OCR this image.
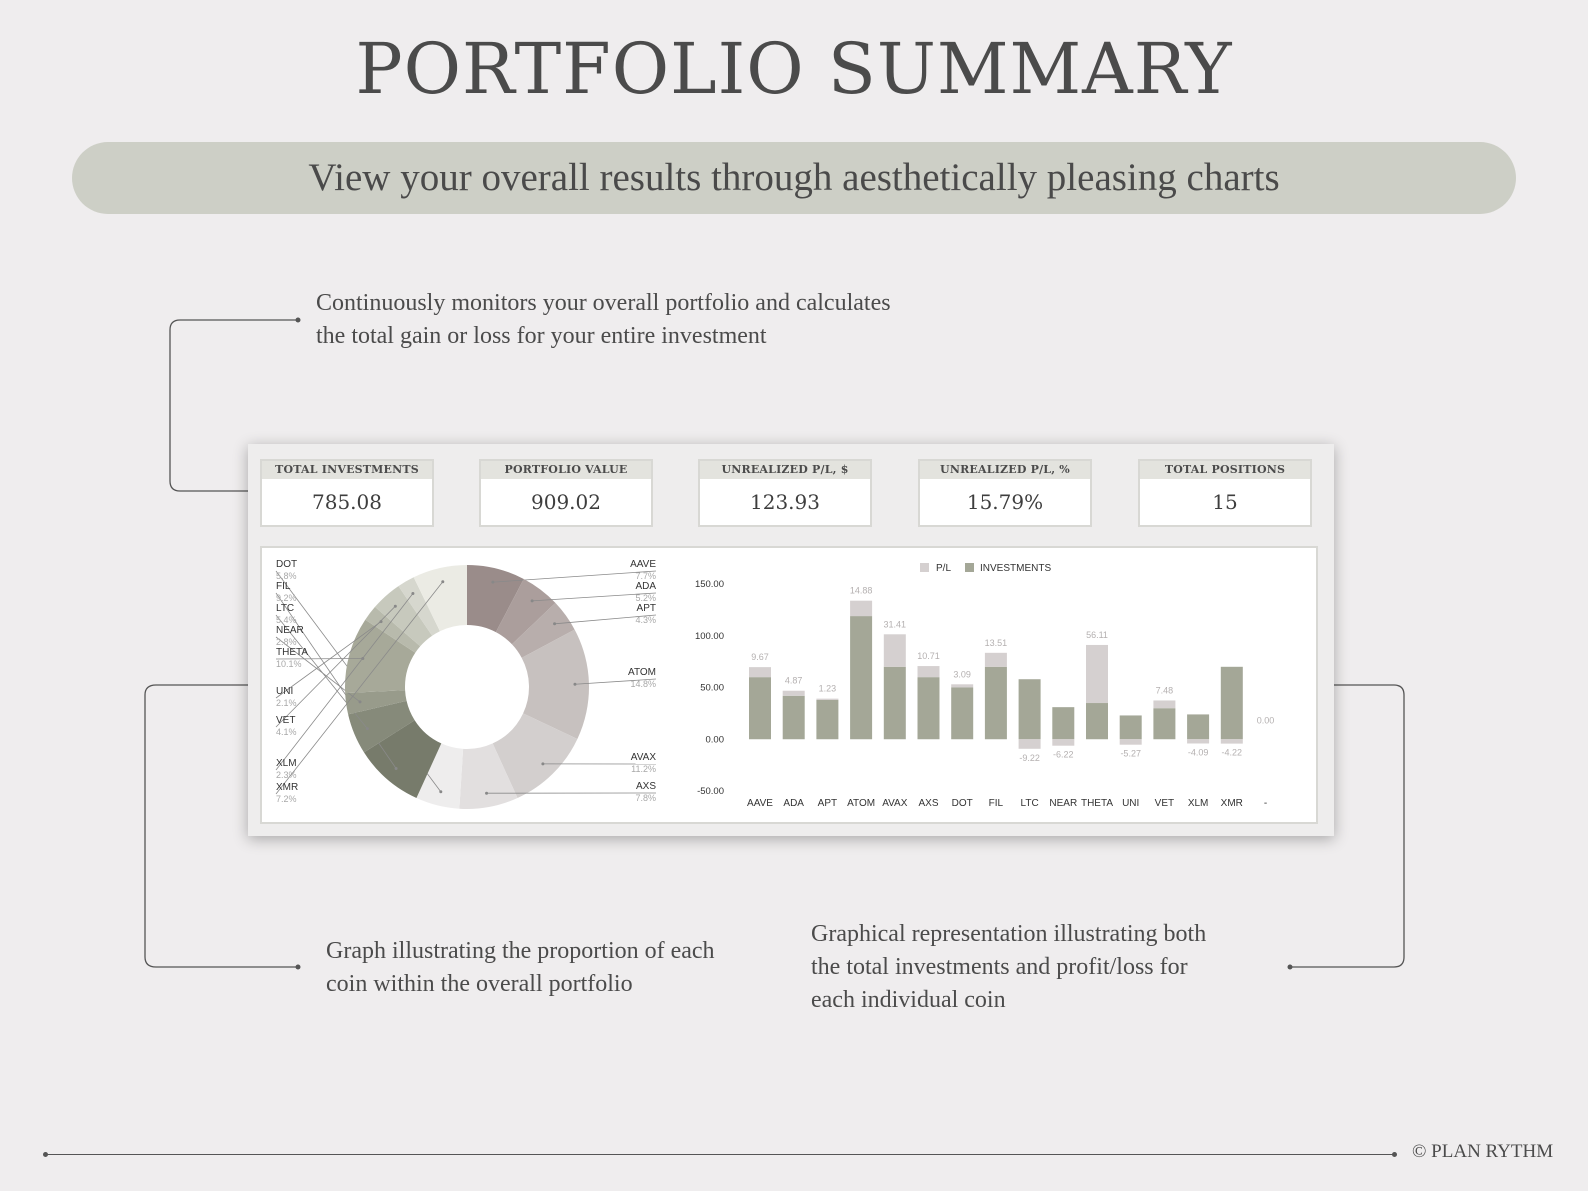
PORTFOLIO SUMMARY
View your overall results through aesthetically pleasing charts
Continuously monitors your overall portfolio and calculates
the total gain or loss for your entire investment
Graph illustrating the proportion of each
coin within the overall portfolio
Graphical representation illustrating both
the total investments and profit/loss for
each individual coin
TOTAL INVESTMENTS
785.08
PORTFOLIO VALUE
909.02
UNREALIZED P/L, $
123.93
UNREALIZED P/L, %
15.79%
TOTAL POSITIONS
15
AAVE
7.7%
ADA
5.2%
APT
4.3%
ATOM
14.8%
AVAX
11.2%
AXS
7.8%
DOT
5.8%
FIL
9.2%
LTC
5.4%
NEAR
2.8%
THETA
10.1%
UNI
2.1%
VET
4.1%
XLM
2.3%
XMR
7.2%
P/L	INVESTMENTS
150.00
100.00
50.00
0.00
-50.00
9.67
AAVE
4.87
ADA
1.23
APT
14.88
ATOM
31.41
AVAX
10.71
AXS
3.09
DOT
13.51
FIL
-9.22
LTC
-6.22
NEAR
56.11
THETA
-5.27
UNI
7.48
VET
-4.09
XLM
-4.22
XMR
0.00
-
© PLAN RYTHM
